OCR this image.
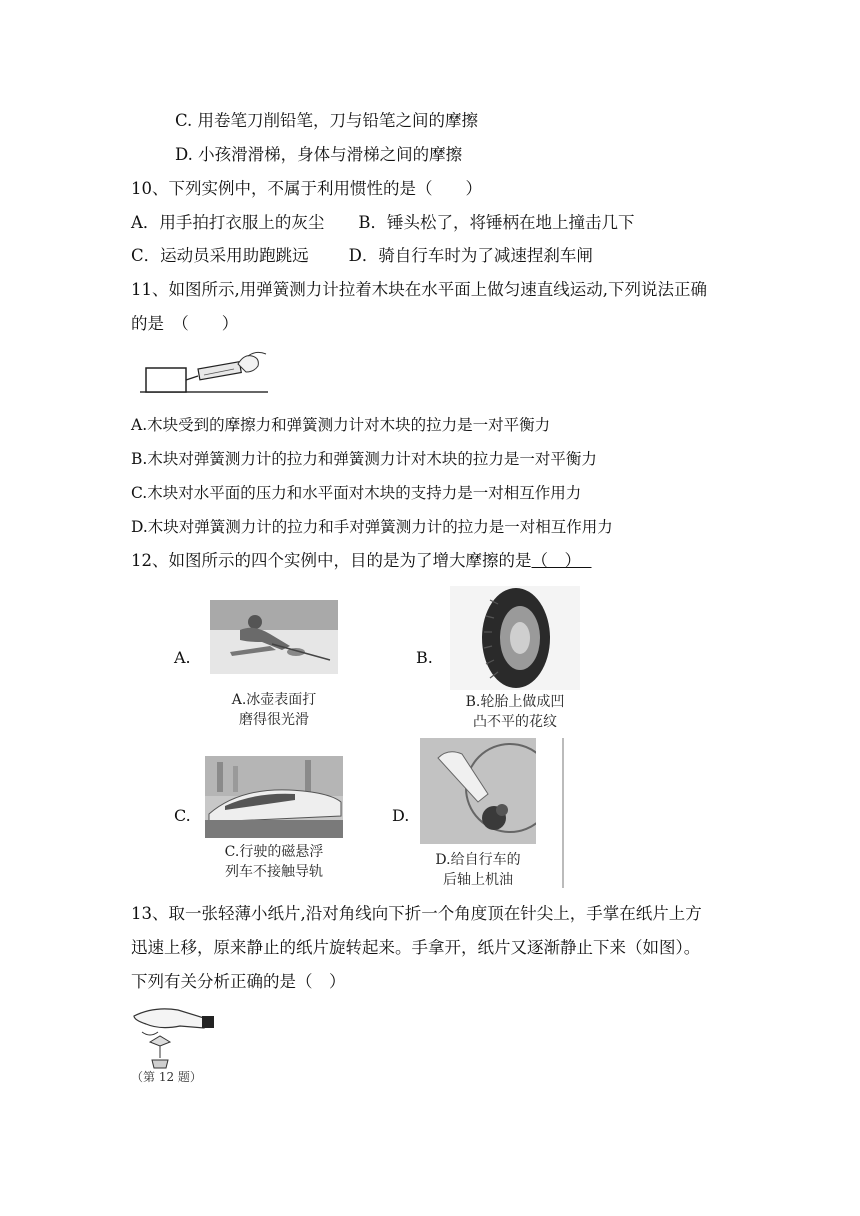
C. 用卷笔刀削铅笔，刀与铅笔之间的摩擦
D. 小孩滑滑梯，身体与滑梯之间的摩擦
10、下列实例中，不属于利用惯性的是（　　）
A．用手拍打衣服上的灰尘 B．锤头松了，将锤柄在地上撞击几下
C．运动员采用助跑跳远 D．骑自行车时为了减速捏刹车闸
11、如图所示,用弹簧测力计拉着木块在水平面上做匀速直线运动,下列说法正确
的是　（　　）
A.木块受到的摩擦力和弹簧测力计对木块的拉力是一对平衡力
B.木块对弹簧测力计的拉力和弹簧测力计对木块的拉力是一对平衡力
C.木块对水平面的压力和水平面对木块的支持力是一对相互作用力
D.木块对弹簧测力计的拉力和手对弹簧测力计的拉力是一对相互作用力
12、如图所示的四个实例中，目的是为了增大摩擦的是（　）
A.
A.冰壶表面打
磨得很光滑
B.
B.轮胎上做成凹
凸不平的花纹
C.
C.行驶的磁悬浮
列车不接触导轨
D.
D.给自行车的
后轴上机油
13、取一张轻薄小纸片,沿对角线向下折一个角度顶在针尖上，手掌在纸片上方
迅速上移，原来静止的纸片旋转起来。手拿开，纸片又逐渐静止下来（如图）。
下列有关分析正确的是（　）
（第 12 题）
